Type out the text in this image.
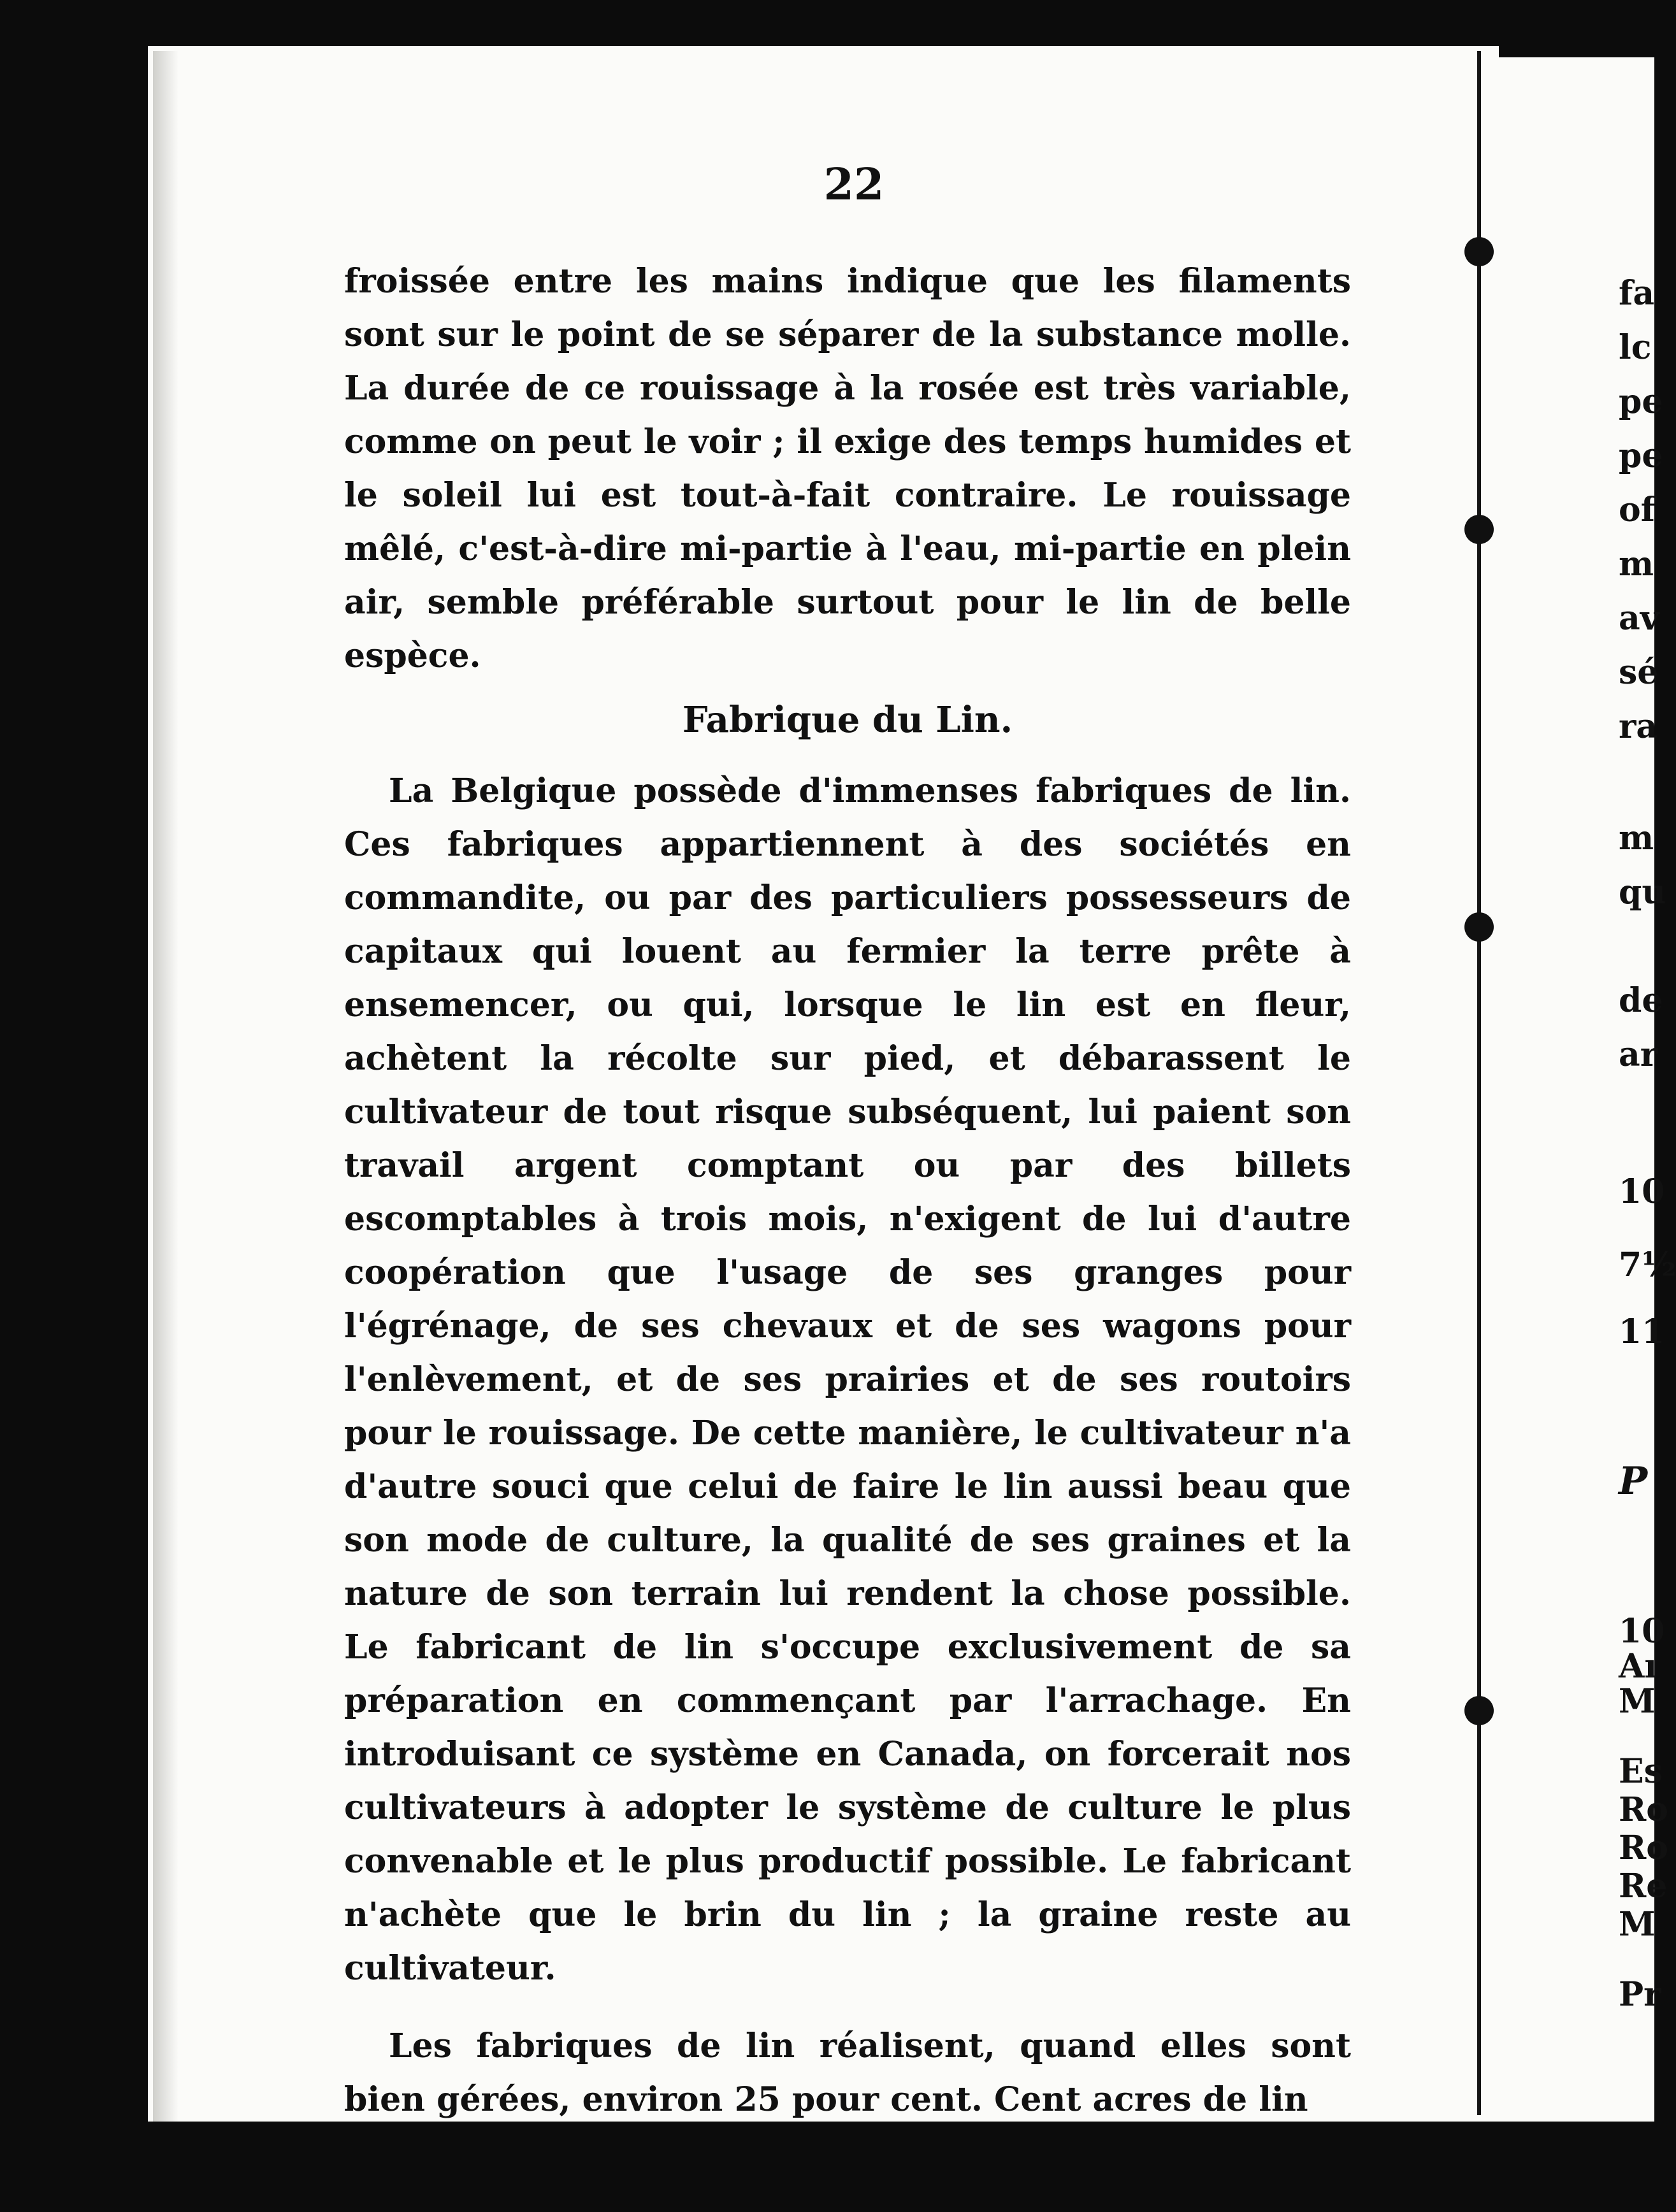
22

froissée entre les mains indique que les filaments sont sur le point de se séparer de la substance molle. La durée de ce rouissage à la rosée est très variable, comme on peut le voir ; il exige des temps humides et le soleil lui est tout-à-fait contraire. Le rouissage mêlé, c'est-à-dire mi-partie à l'eau, mi-partie en plein air, semble préférable surtout pour le lin de belle espèce.

Fabrique du Lin.

La Belgique possède d'immenses fabriques de lin. Ces fabriques appartiennent à des sociétés en commandite, ou par des particuliers possesseurs de capitaux qui louent au fermier la terre prête à ensemencer, ou qui, lorsque le lin est en fleur, achètent la récolte sur pied, et débarassent le cultivateur de tout risque subséquent, lui paient son travail argent comptant ou par des billets escomptables à trois mois, n'exigent de lui d'autre coopération que l'usage de ses granges pour l'égrénage, de ses chevaux et de ses wagons pour l'enlèvement, et de ses prairies et de ses routoirs pour le rouissage. De cette manière, le cultivateur n'a d'autre souci que celui de faire le lin aussi beau que son mode de culture, la qualité de ses graines et la nature de son terrain lui rendent la chose possible. Le fabricant de lin s'occupe exclusivement de sa préparation en commençant par l'arrachage. En introduisant ce système en Canada, on forcerait nos cultivateurs à adopter le système de culture le plus convenable et le plus productif possible. Le fabricant n'achète que le brin du lin ; la graine reste au cultivateur.

Les fabriques de lin réalisent, quand elles sont bien gérées, environ 25 pour cent. Cent acres de lin

fa
lc
pe
pe
of
m
av
sé
ra
m
qu
de
ar
10
7½
11
P
10
Aı
M
Es
Ro
Ro
Re
M
Pr
